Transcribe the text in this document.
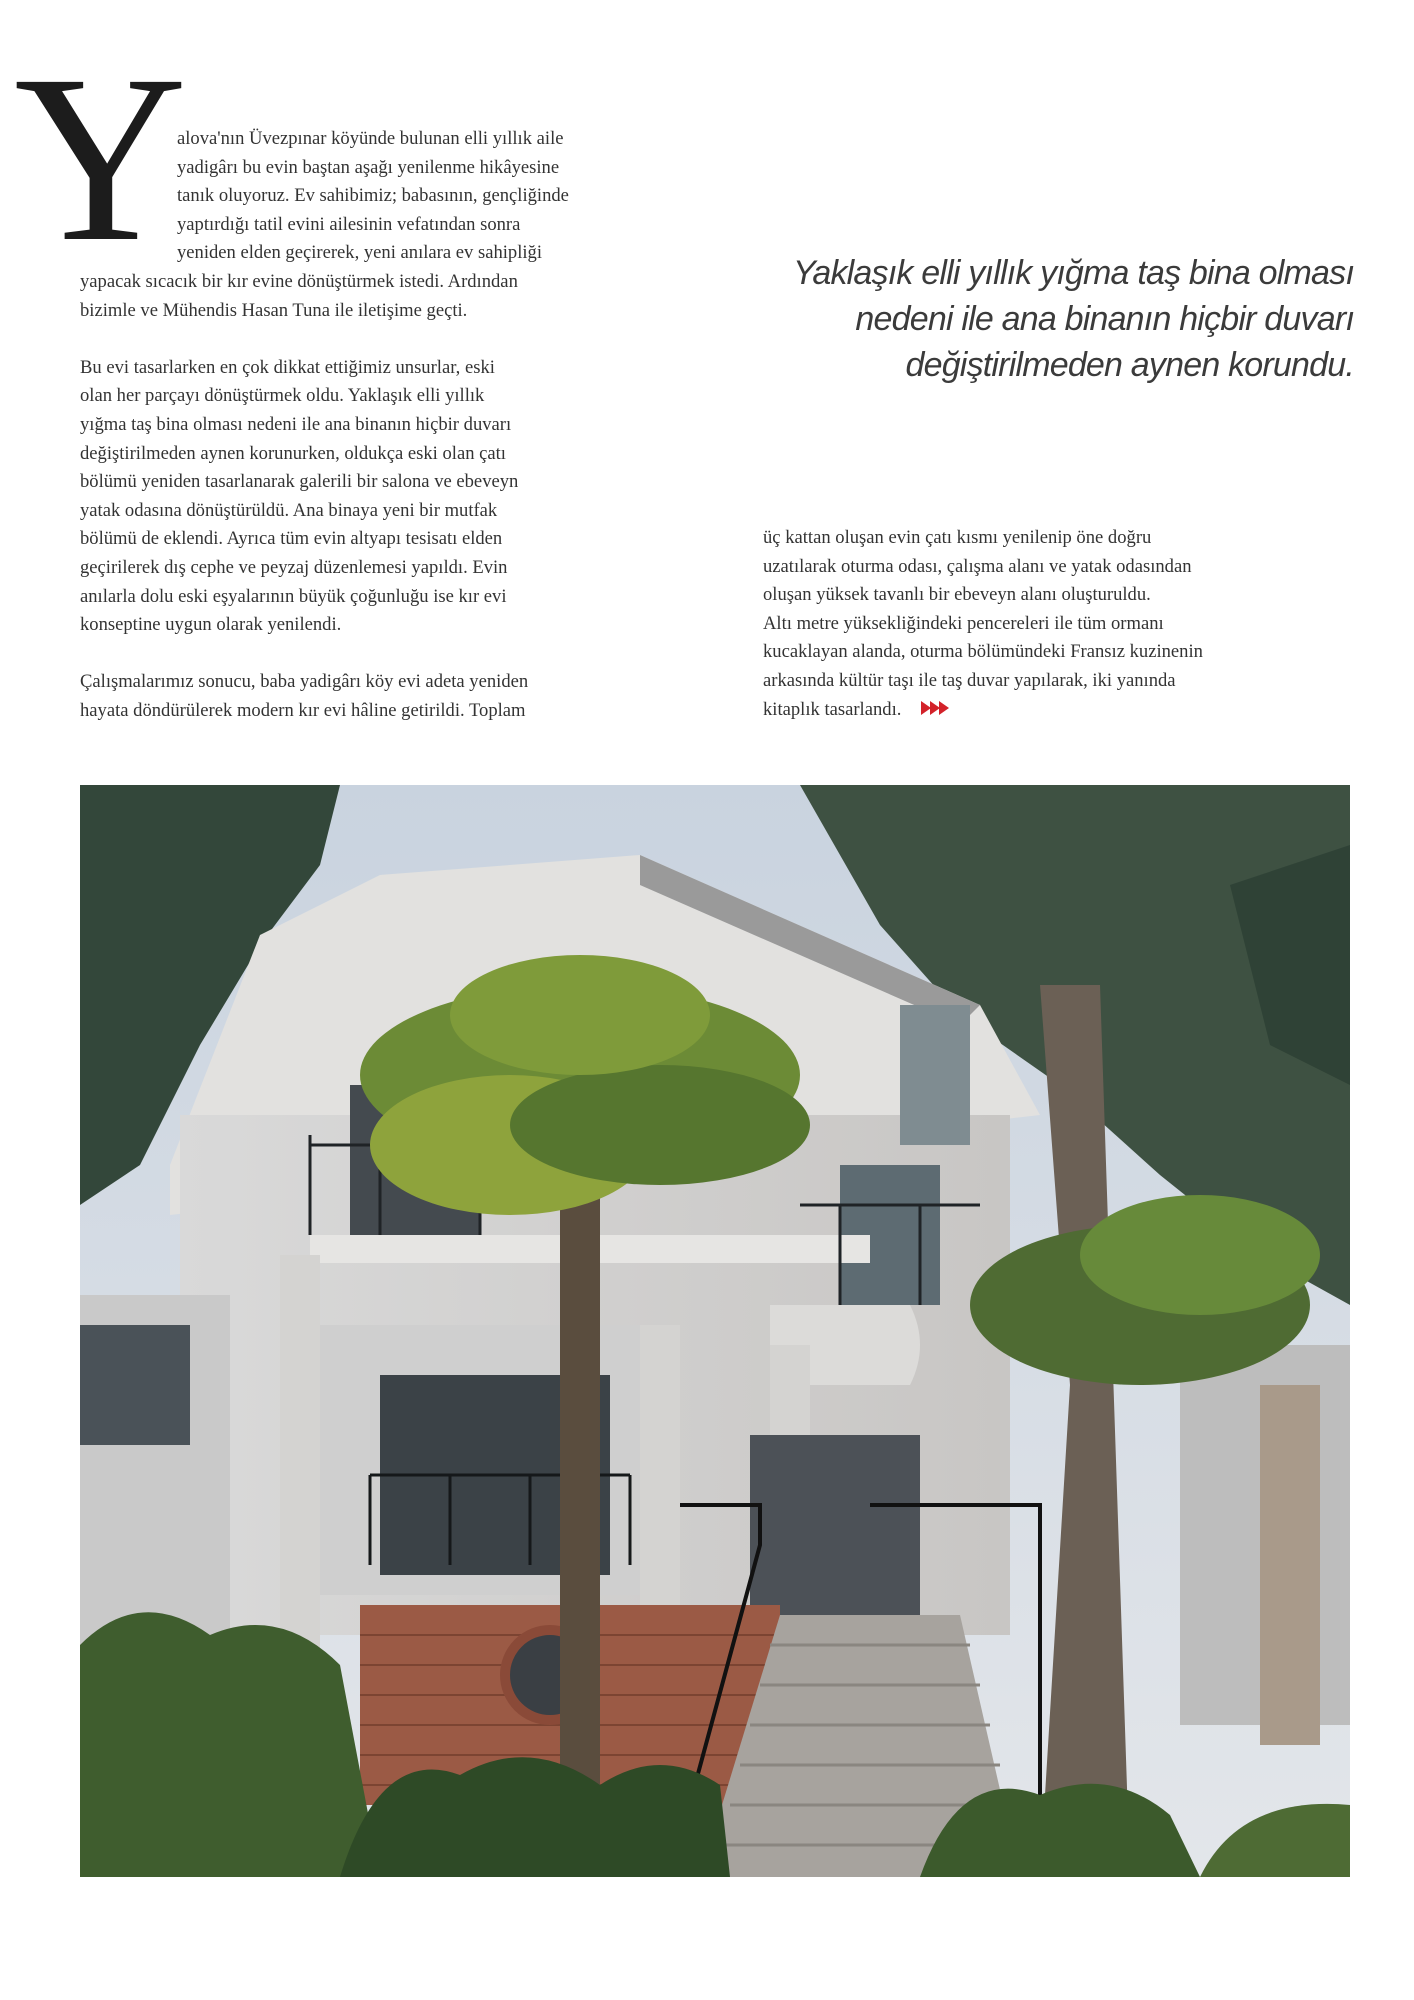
Y

alova'nın Üvezpınar köyünde bulunan elli yıllık aile

yadigârı bu evin baştan aşağı yenilenme hikâyesine

tanık oluyoruz. Ev sahibimiz; babasının, gençliğinde

yaptırdığı tatil evini ailesinin vefatından sonra

yeniden elden geçirerek, yeni anılara ev sahipliği

yapacak sıcacık bir kır evine dönüştürmek istedi. Ardından

bizimle ve Mühendis Hasan Tuna ile iletişime geçti.

Bu evi tasarlarken en çok dikkat ettiğimiz unsurlar, eski

olan her parçayı dönüştürmek oldu. Yaklaşık elli yıllık

yığma taş bina olması nedeni ile ana binanın hiçbir duvarı

değiştirilmeden aynen korunurken, oldukça eski olan çatı

bölümü yeniden tasarlanarak galerili bir salona ve ebeveyn

yatak odasına dönüştürüldü. Ana binaya yeni bir mutfak

bölümü de eklendi. Ayrıca tüm evin altyapı tesisatı elden

geçirilerek dış cephe ve peyzaj düzenlemesi yapıldı. Evin

anılarla dolu eski eşyalarının büyük çoğunluğu ise kır evi

konseptine uygun olarak yenilendi.

Çalışmalarımız sonucu, baba yadigârı köy evi adeta yeniden

hayata döndürülerek modern kır evi hâline getirildi. Toplam

Yaklaşık elli yıllık yığma taş bina olması

nedeni ile ana binanın hiçbir duvarı

değiştirilmeden aynen korundu.

üç kattan oluşan evin çatı kısmı yenilenip öne doğru

uzatılarak oturma odası, çalışma alanı ve yatak odasından

oluşan yüksek tavanlı bir ebeveyn alanı oluşturuldu.

Altı metre yüksekliğindeki pencereleri ile tüm ormanı

kucaklayan alanda, oturma bölümündeki Fransız kuzinenin

arkasında kültür taşı ile taş duvar yapılarak, iki yanında

kitaplık tasarlandı.
